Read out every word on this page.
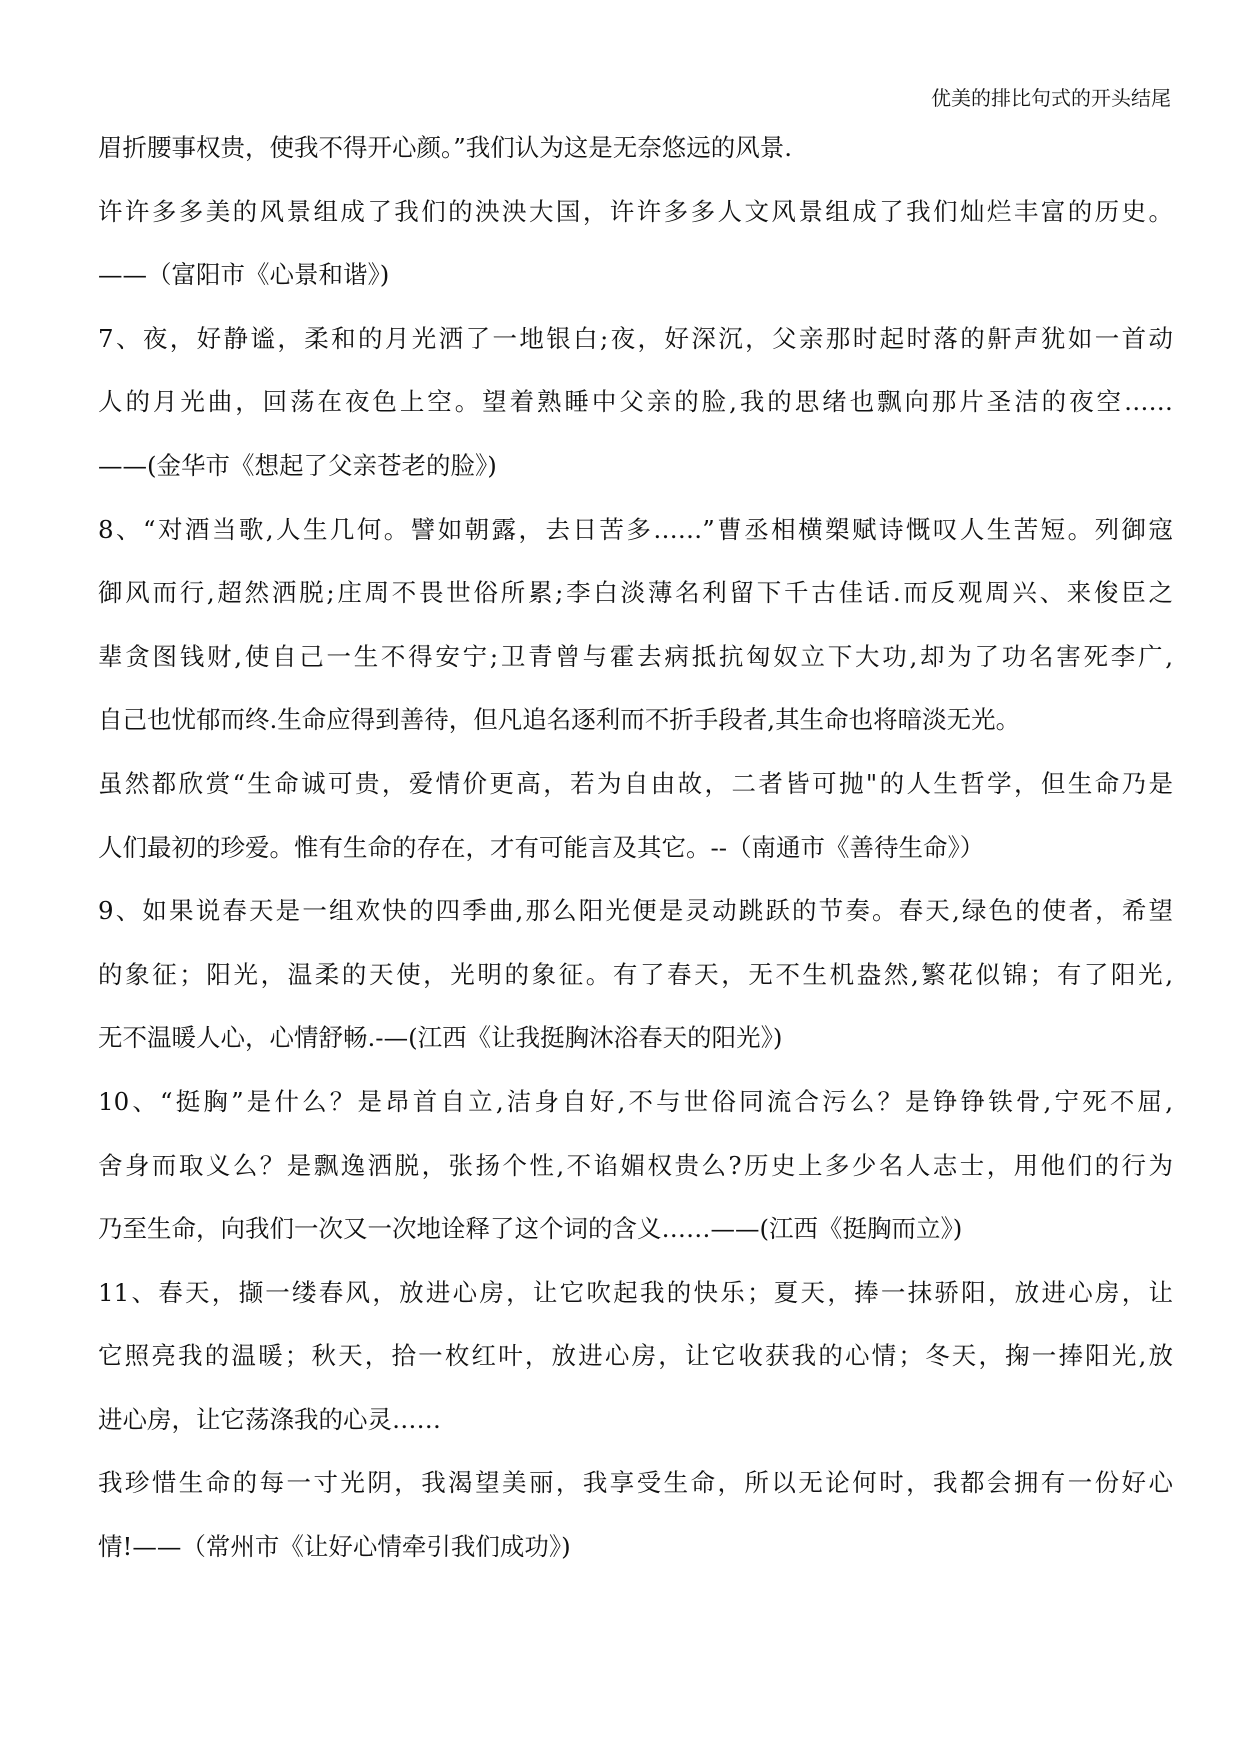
优美的排比句式的开头结尾
眉折腰事权贵，使我不得开心颜。”我们认为这是无奈悠远的风景.
许许多多美的风景组成了我们的泱泱大国，许许多多人文风景组成了我们灿烂丰富的历史。
——（富阳市《心景和谐》)
7、夜，好静谧，柔和的月光洒了一地银白;夜，好深沉，父亲那时起时落的鼾声犹如一首动
人的月光曲，回荡在夜色上空。望着熟睡中父亲的脸,我的思绪也飘向那片圣洁的夜空……
——(金华市《想起了父亲苍老的脸》)
8、“对酒当歌,人生几何。譬如朝露，去日苦多……”曹丞相横槊赋诗慨叹人生苦短。列御寇
御风而行,超然洒脱;庄周不畏世俗所累;李白淡薄名利留下千古佳话.而反观周兴、来俊臣之
辈贪图钱财,使自己一生不得安宁;卫青曾与霍去病抵抗匈奴立下大功,却为了功名害死李广,
自己也忧郁而终.生命应得到善待，但凡追名逐利而不折手段者,其生命也将暗淡无光。
虽然都欣赏“生命诚可贵，爱情价更高，若为自由故，二者皆可抛"的人生哲学，但生命乃是
人们最初的珍爱。惟有生命的存在，才有可能言及其它。--（南通市《善待生命》）
9、如果说春天是一组欢快的四季曲,那么阳光便是灵动跳跃的节奏。春天,绿色的使者，希望
的象征；阳光，温柔的天使，光明的象征。有了春天，无不生机盎然,繁花似锦；有了阳光,
无不温暖人心，心情舒畅.-—(江西《让我挺胸沐浴春天的阳光》)
10、“挺胸”是什么？是昂首自立,洁身自好,不与世俗同流合污么？是铮铮铁骨,宁死不屈,
舍身而取义么？是飘逸洒脱，张扬个性,不谄媚权贵么?历史上多少名人志士，用他们的行为
乃至生命，向我们一次又一次地诠释了这个词的含义……——(江西《挺胸而立》)
11、春天，撷一缕春风，放进心房，让它吹起我的快乐；夏天，捧一抹骄阳，放进心房，让
它照亮我的温暖；秋天，拾一枚红叶，放进心房，让它收获我的心情；冬天，掬一捧阳光,放
进心房，让它荡涤我的心灵……
我珍惜生命的每一寸光阴，我渴望美丽，我享受生命，所以无论何时，我都会拥有一份好心
情!——（常州市《让好心情牵引我们成功》)
